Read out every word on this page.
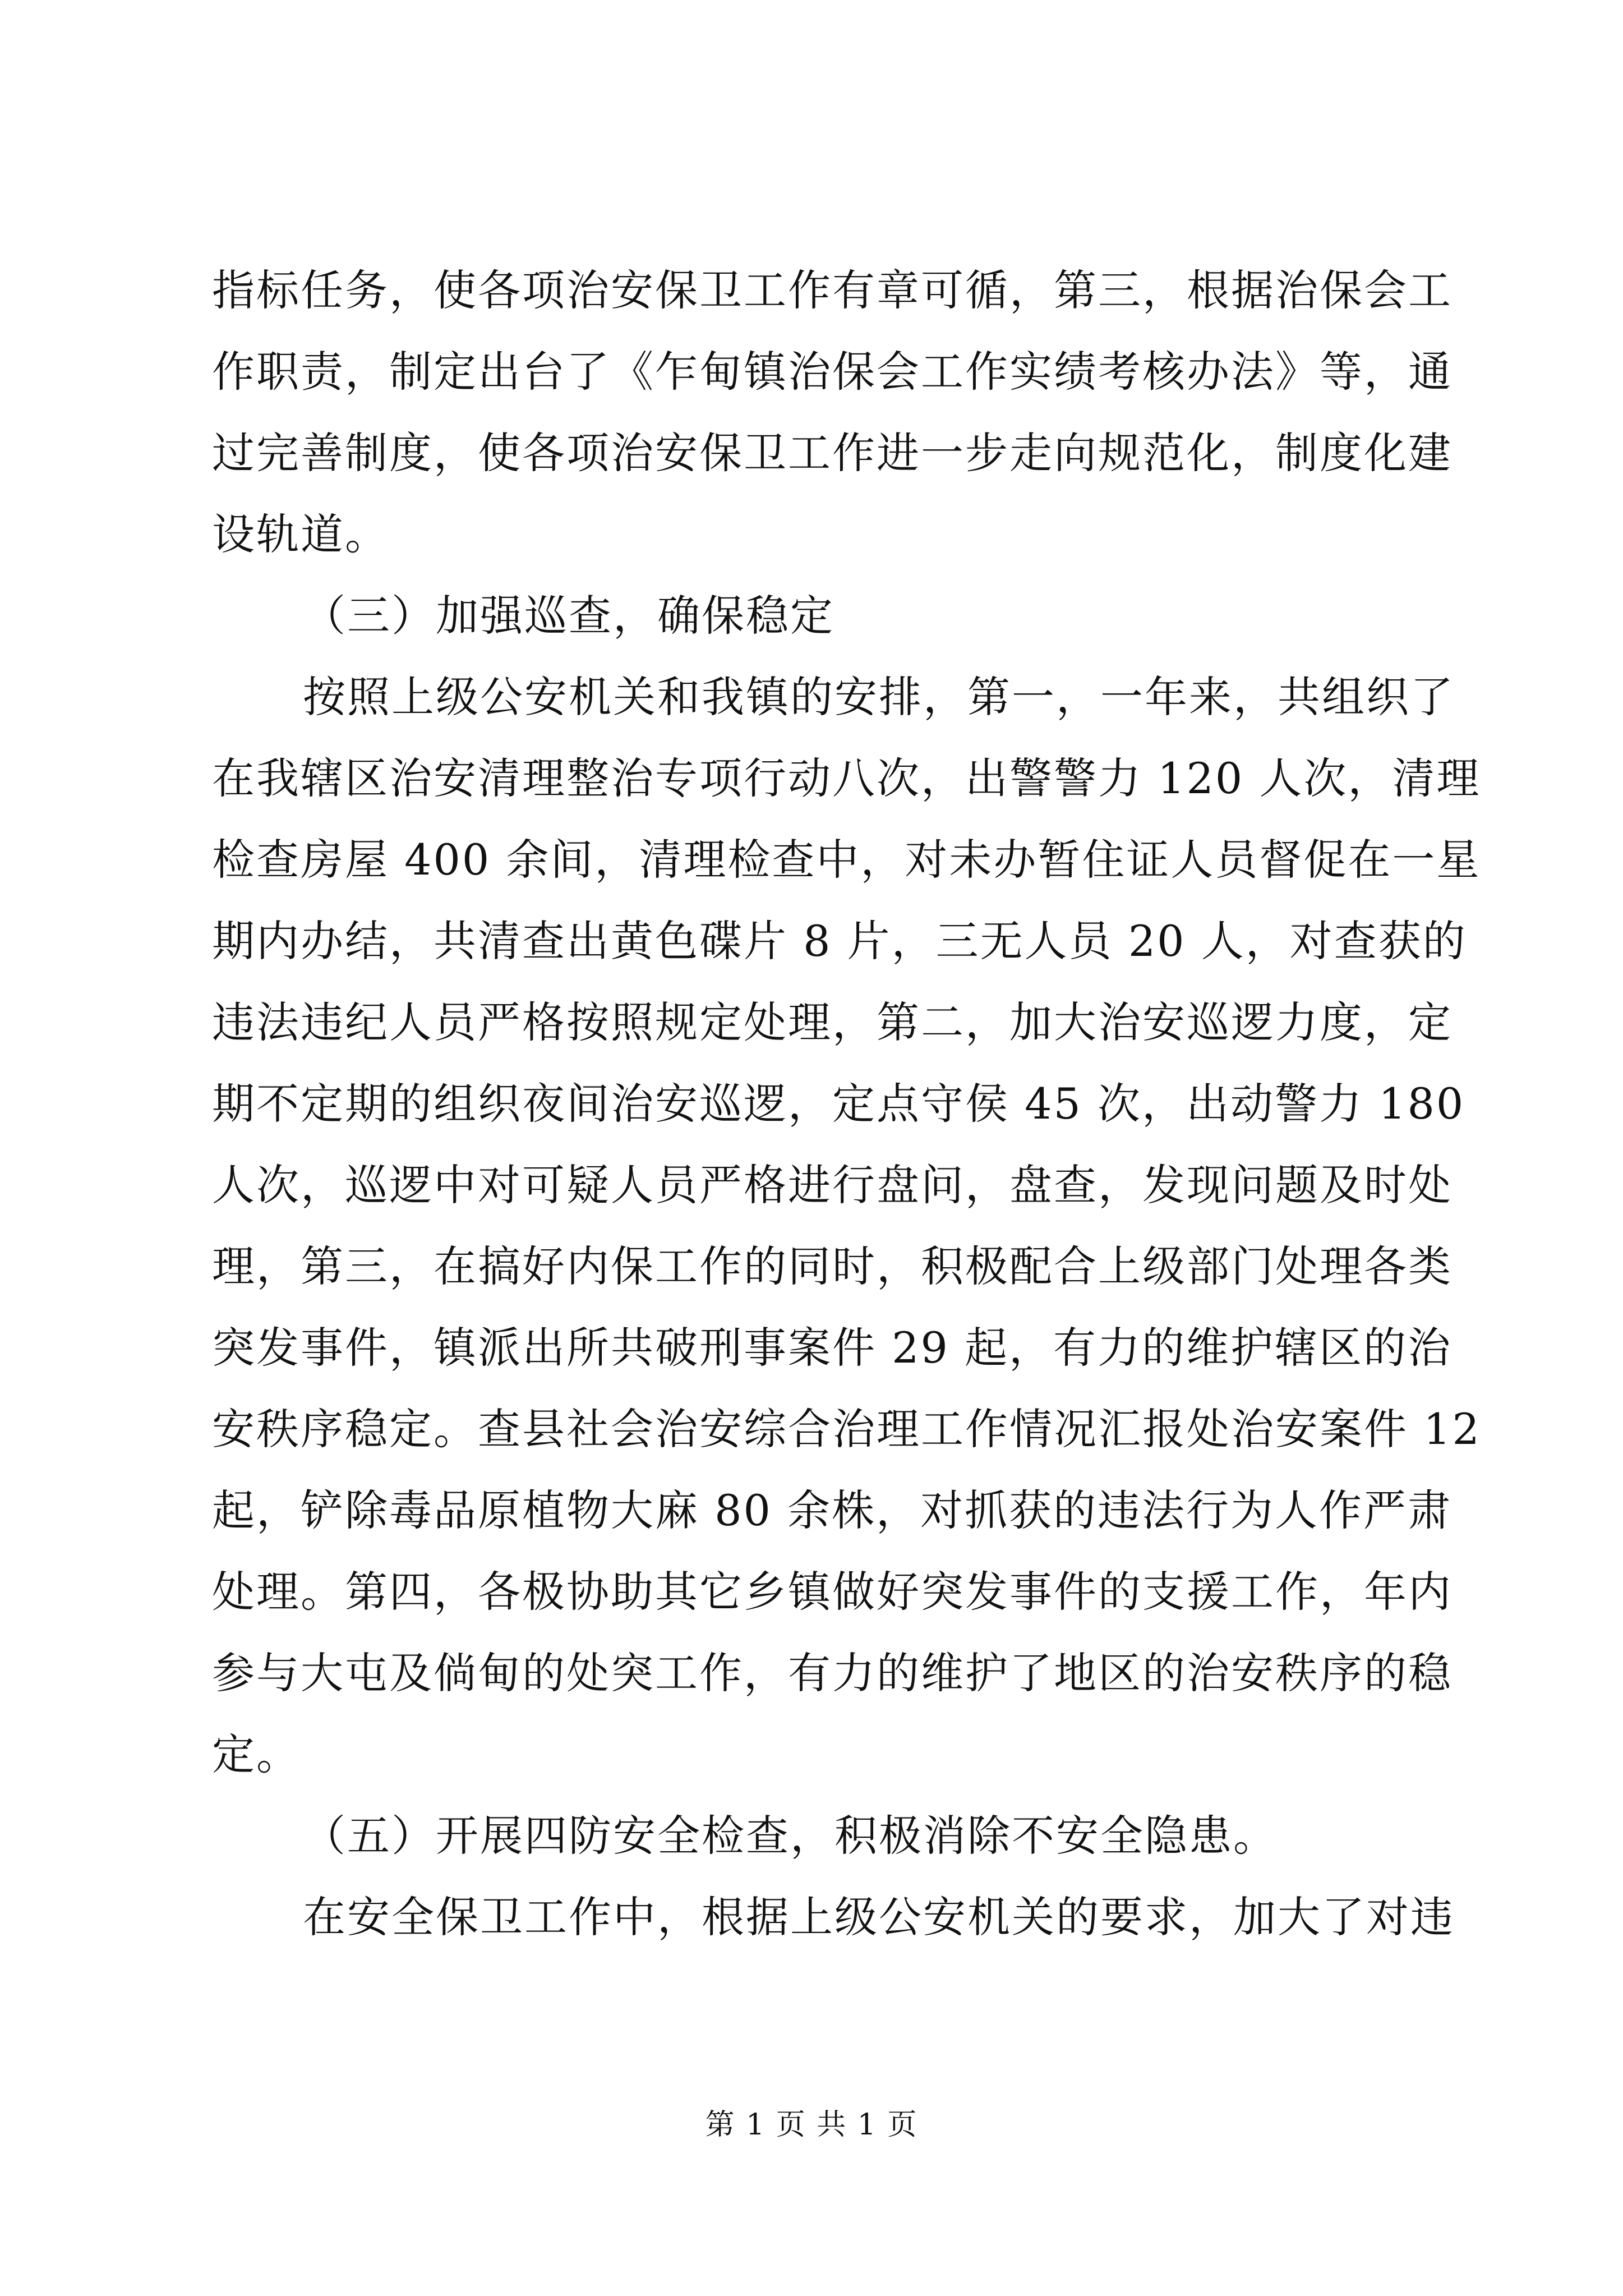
指标任务，使各项治安保卫工作有章可循，第三，根据治保会工
作职责，制定出台了《乍甸镇治保会工作实绩考核办法》等，通
过完善制度，使各项治安保卫工作进一步走向规范化，制度化建
设轨道。
（三）加强巡查，确保稳定
按照上级公安机关和我镇的安排，第一，一年来，共组织了
在我辖区治安清理整治专项行动八次，出警警力 120 人次，清理
检查房屋 400 余间，清理检查中，对未办暂住证人员督促在一星
期内办结，共清查出黄色碟片 8 片，三无人员 20 人，对查获的
违法违纪人员严格按照规定处理，第二，加大治安巡逻力度，定
期不定期的组织夜间治安巡逻，定点守侯 45 次，出动警力 180
人次，巡逻中对可疑人员严格进行盘问，盘查，发现问题及时处
理，第三，在搞好内保工作的同时，积极配合上级部门处理各类
突发事件，镇派出所共破刑事案件 29 起，有力的维护辖区的治
安秩序稳定。查县社会治安综合治理工作情况汇报处治安案件 12
起，铲除毒品原植物大麻 80 余株，对抓获的违法行为人作严肃
处理。第四，各极协助其它乡镇做好突发事件的支援工作，年内
参与大屯及倘甸的处突工作，有力的维护了地区的治安秩序的稳
定。
（五）开展四防安全检查，积极消除不安全隐患。
在安全保卫工作中，根据上级公安机关的要求，加大了对违
第 1 页 共 1 页
